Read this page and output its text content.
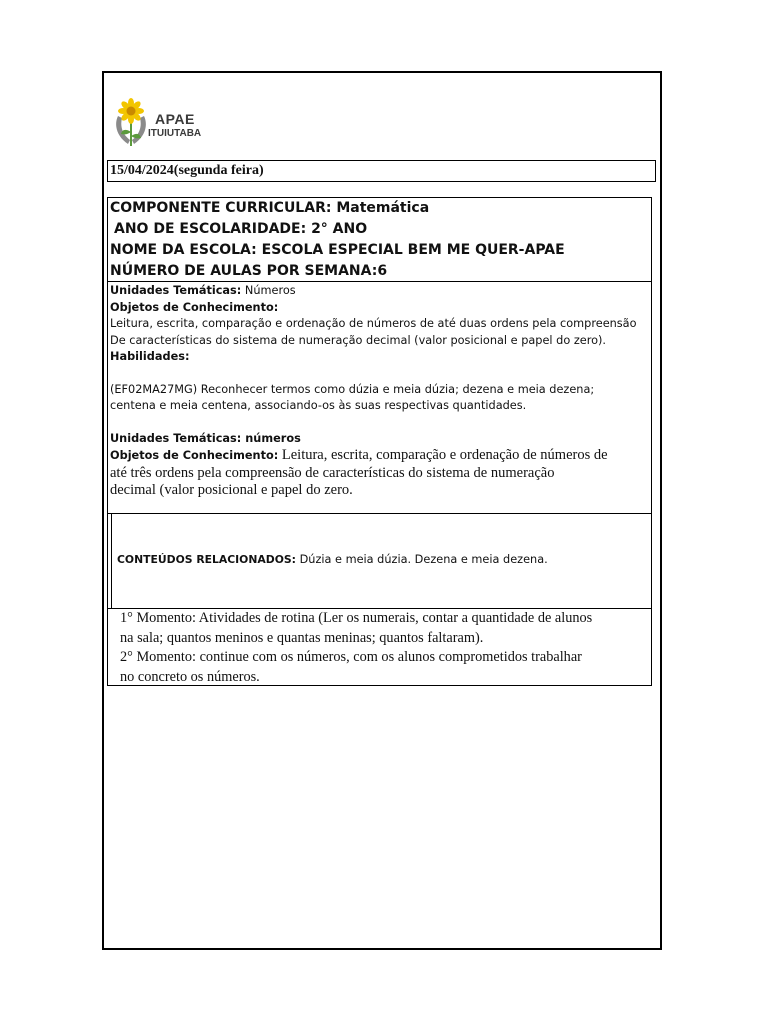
APAE
ITUIUTABA
15/04/2024(segunda feira)
COMPONENTE CURRICULAR: Matemática
ANO DE ESCOLARIDADE: 2° ANO
NOME DA ESCOLA: ESCOLA ESPECIAL BEM ME QUER-APAE
NÚMERO DE AULAS POR SEMANA:6
Unidades Temáticas: Números
Objetos de Conhecimento:
Leitura, escrita, comparação e ordenação de números de até duas ordens pela compreensão
De características do sistema de numeração decimal (valor posicional e papel do zero).
Habilidades:
(EF02MA27MG) Reconhecer termos como dúzia e meia dúzia; dezena e meia dezena;
centena e meia centena, associando-os às suas respectivas quantidades.
Unidades Temáticas: números
Objetos de Conhecimento: Leitura, escrita, comparação e ordenação de números de
até três ordens pela compreensão de características do sistema de numeração
decimal (valor posicional e papel do zero.
CONTEÚDOS RELACIONADOS: Dúzia e meia dúzia. Dezena e meia dezena.

1° Momento: Atividades de rotina (Ler os numerais, contar a quantidade de alunos

na sala; quantos meninos e quantas meninas; quantos faltaram).

2° Momento: continue com os números, com os alunos comprometidos trabalhar

no concreto os números.
